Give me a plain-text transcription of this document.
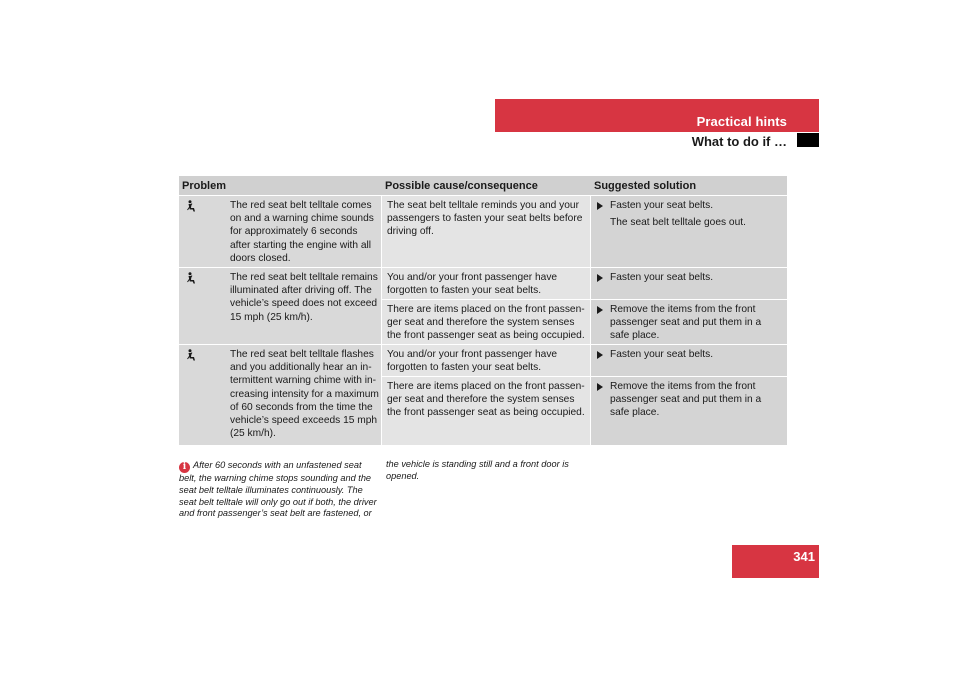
Practical hints
What to do if …
Problem	Possible cause/consequence	Suggested solution
The red seat belt telltale comes on and a warning chime sounds for approximately 6 seconds after starting the engine with all doors closed.
The seat belt telltale reminds you and your passengers to fasten your seat belts before driving off.
Fasten your seat belts.
The seat belt telltale goes out.
The red seat belt telltale remains illuminated after driving off. The vehicle’s speed does not exceed 15 mph (25 km/h).
You and/or your front passenger have forgotten to fasten your seat belts.
Fasten your seat belts.
There are items placed on the front passen- ger seat and therefore the system senses the front passenger seat as being occupied.
Remove the items from the front passenger seat and put them in a safe place.
The red seat belt telltale flashes and you additionally hear an in- termittent warning chime with in- creasing intensity for a maximum of 60 seconds from the time the vehicle’s speed exceeds 15 mph (25 km/h).
You and/or your front passenger have forgotten to fasten your seat belts.
Fasten your seat belts.
There are items placed on the front passen- ger seat and therefore the system senses the front passenger seat as being occupied.
Remove the items from the front passenger seat and put them in a safe place.
i After 60 seconds with an unfastened seat belt, the warning chime stops sounding and the seat belt telltale illuminates continuously. The seat belt telltale will only go out if both, the driver and front passenger’s seat belt are fastened, or
the vehicle is standing still and a front door is opened.
341
